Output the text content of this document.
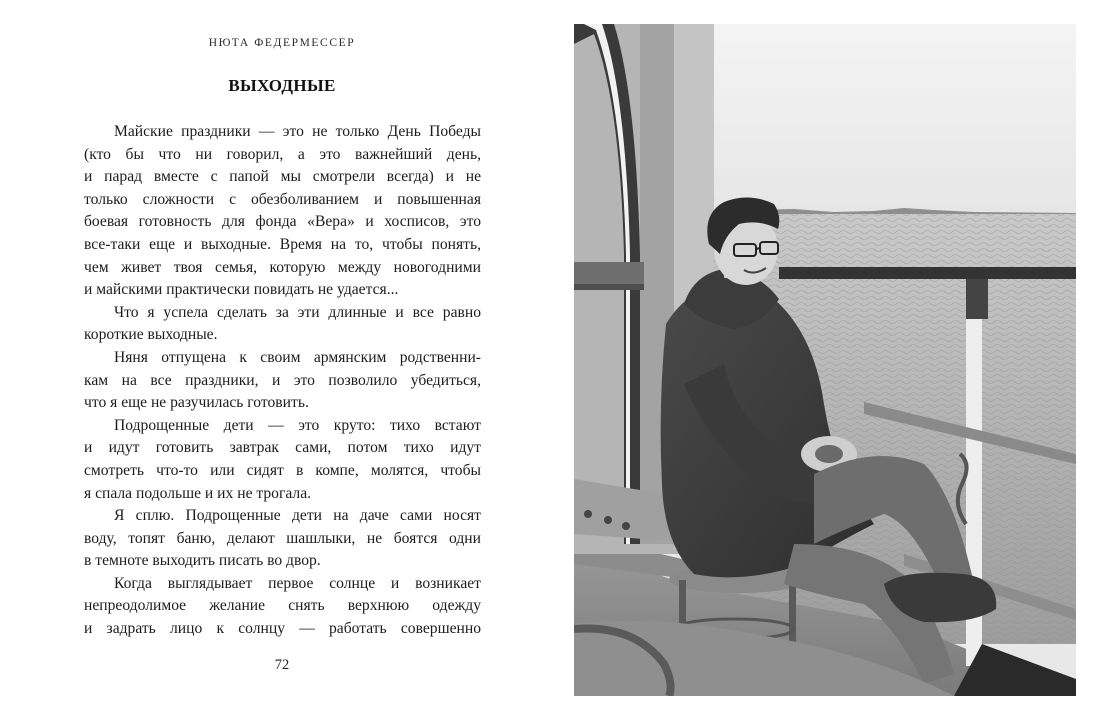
НЮТА ФЕДЕРМЕССЕР
ВЫХОДНЫЕ
Майские праздники — это не только День Победы
(кто бы что ни говорил, а это важнейший день,
и парад вместе с папой мы смотрели всегда) и не
только сложности с обезболиванием и повышенная
боевая готовность для фонда «Вера» и хосписов, это
все-таки еще и выходные. Время на то, чтобы понять,
чем живет твоя семья, которую между новогодними
и майскими практически повидать не удается...
Что я успела сделать за эти длинные и все равно
короткие выходные.
Няня отпущена к своим армянским родственни-
кам на все праздники, и это позволило убедиться,
что я еще не разучилась готовить.
Подрощенные дети — это круто: тихо встают
и идут готовить завтрак сами, потом тихо идут
смотреть что-то или сидят в компе, молятся, чтобы
я спала подольше и их не трогала.
Я сплю. Подрощенные дети на даче сами носят
воду, топят баню, делают шашлыки, не боятся одни
в темноте выходить писать во двор.
Когда выглядывает первое солнце и возникает
непреодолимое желание снять верхнюю одежду
и задрать лицо к солнцу — работать совершенно
72
